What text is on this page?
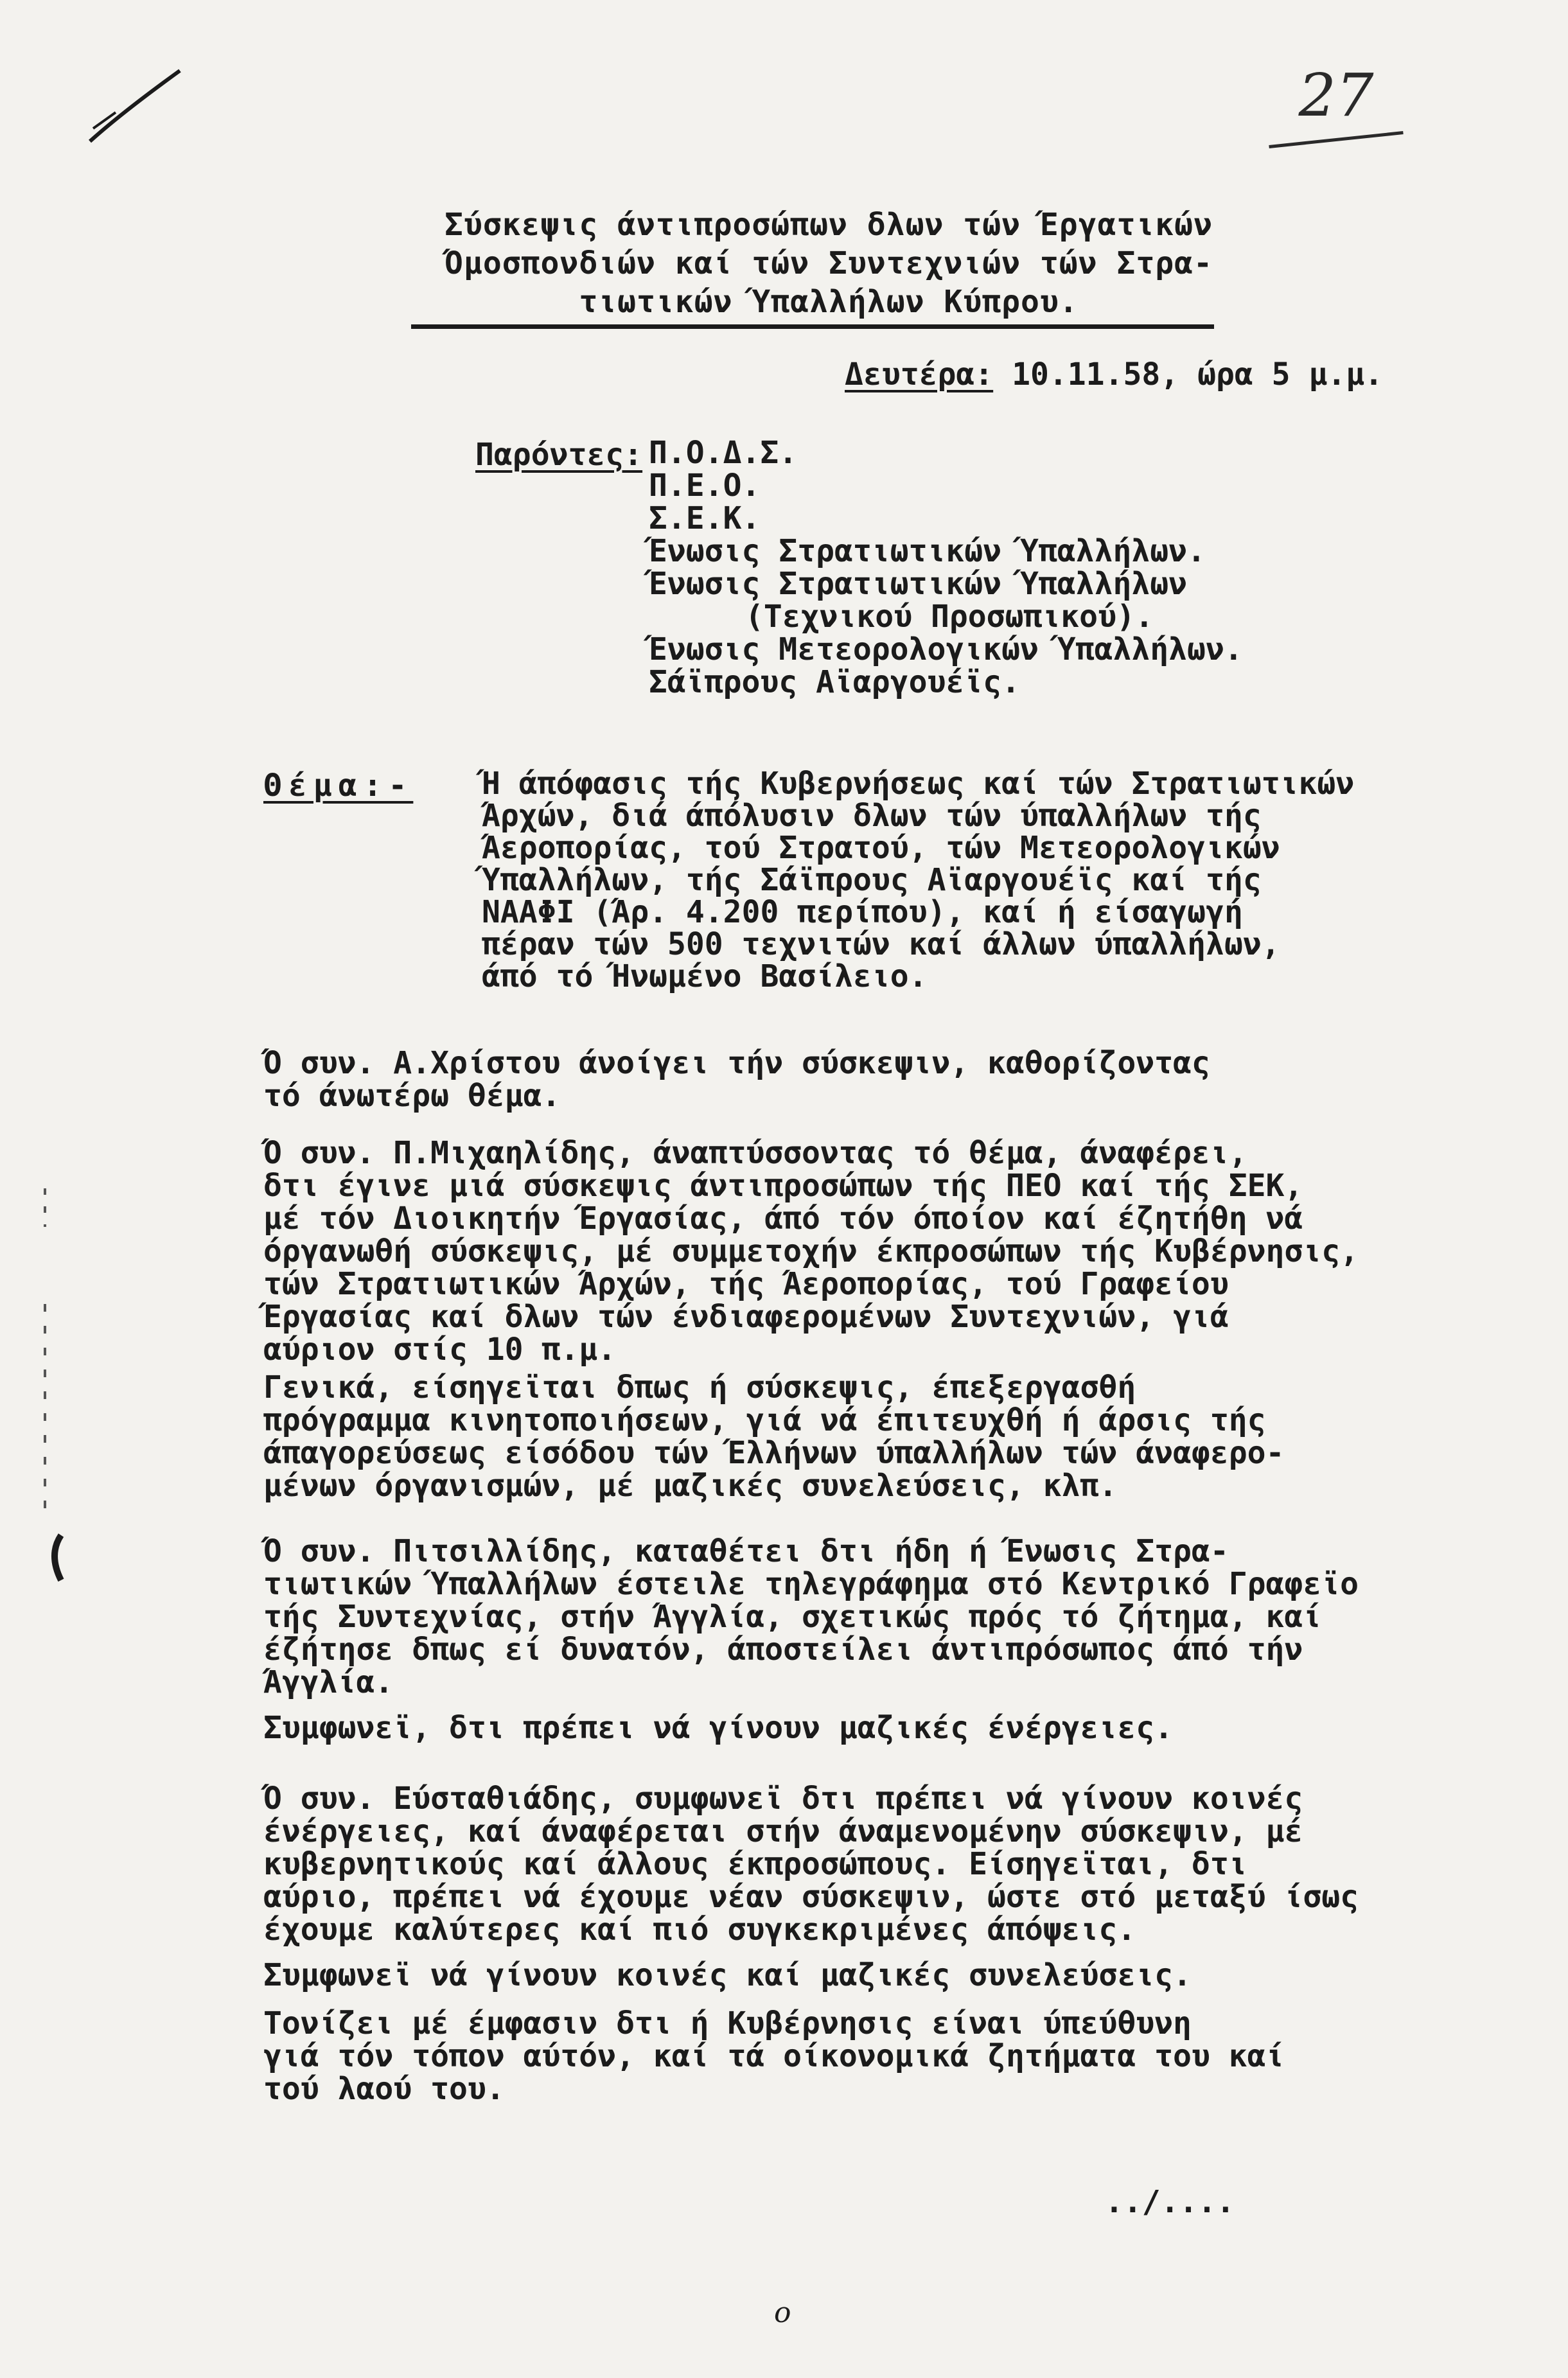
27
Σύσκεψις άντιπροσώπων δλων τών Έργατικών
Όμοσπονδιών καί τών Συντεχνιών τών Στρα-
τιωτικών Ύπαλλήλων Κύπρου.
Δευτέρα: 10.11.58, ώρα 5 μ.μ.
Παρόντες: Π.Ο.Δ.Σ.
Π.Ε.Ο.
Σ.Ε.Κ.
Ένωσις Στρατιωτικών Ύπαλλήλων.
Ένωσις Στρατιωτικών Ύπαλλήλων
(Τεχνικού Προσωπικού).
Ένωσις Μετεορολογικών Ύπαλλήλων.
Σάϊπρους Αϊαργουέϊς.
Θέμα:- Ή άπόφασις τής Κυβερνήσεως καί τών Στρατιωτικών
Άρχών, διά άπόλυσιν δλων τών ύπαλλήλων τής
Άεροπορίας, τού Στρατού, τών Μετεορολογικών
Ύπαλλήλων, τής Σάϊπρους Αϊαργουέϊς καί τής
ΝΑΑΦΙ (Άρ. 4.200 περίπου), καί ή είσαγωγή
πέραν τών 500 τεχνιτών καί άλλων ύπαλλήλων,
άπό τό Ήνωμένο Βασίλειο.
Ό συν. Α.Χρίστου άνοίγει τήν σύσκεψιν, καθορίζοντας
τό άνωτέρω θέμα.
Ό συν. Π.Μιχαηλίδης, άναπτύσσοντας τό θέμα, άναφέρει,
δτι έγινε μιά σύσκεψις άντιπροσώπων τής ΠΕΟ καί τής ΣΕΚ,
μέ τόν Διοικητήν Έργασίας, άπό τόν όποίον καί έζητήθη νά
όργανωθή σύσκεψις, μέ συμμετοχήν έκπροσώπων τής Κυβέρνησις,
τών Στρατιωτικών Άρχών, τής Άεροπορίας, τού Γραφείου
Έργασίας καί δλων τών ένδιαφερομένων Συντεχνιών, γιά
αύριον στίς 10 π.μ.
Γενικά, είσηγεϊται δπως ή σύσκεψις, έπεξεργασθή
πρόγραμμα κινητοποιήσεων, γιά νά έπιτευχθή ή άρσις τής
άπαγορεύσεως είσόδου τών Έλλήνων ύπαλλήλων τών άναφερο-
μένων όργανισμών, μέ μαζικές συνελεύσεις, κλπ.
Ό συν. Πιτσιλλίδης, καταθέτει δτι ήδη ή Ένωσις Στρα-
τιωτικών Ύπαλλήλων έστειλε τηλεγράφημα στό Κεντρικό Γραφεϊο
τής Συντεχνίας, στήν Άγγλία, σχετικώς πρός τό ζήτημα, καί
έζήτησε δπως εί δυνατόν, άποστείλει άντιπρόσωπος άπό τήν
Άγγλία.
Συμφωνεϊ, δτι πρέπει νά γίνουν μαζικές ένέργειες.
Ό συν. Εύσταθιάδης, συμφωνεϊ δτι πρέπει νά γίνουν κοινές
ένέργειες, καί άναφέρεται στήν άναμενομένην σύσκεψιν, μέ
κυβερνητικούς καί άλλους έκπροσώπους. Είσηγεϊται, δτι
αύριο, πρέπει νά έχουμε νέαν σύσκεψιν, ώστε στό μεταξύ ίσως
έχουμε καλύτερες καί πιό συγκεκριμένες άπόψεις.
Συμφωνεϊ νά γίνουν κοινές καί μαζικές συνελεύσεις.
Τονίζει μέ έμφασιν δτι ή Κυβέρνησις είναι ύπεύθυνη
γιά τόν τόπον αύτόν, καί τά οίκονομικά ζητήματα του καί
τού λαού του.
../....
ο
